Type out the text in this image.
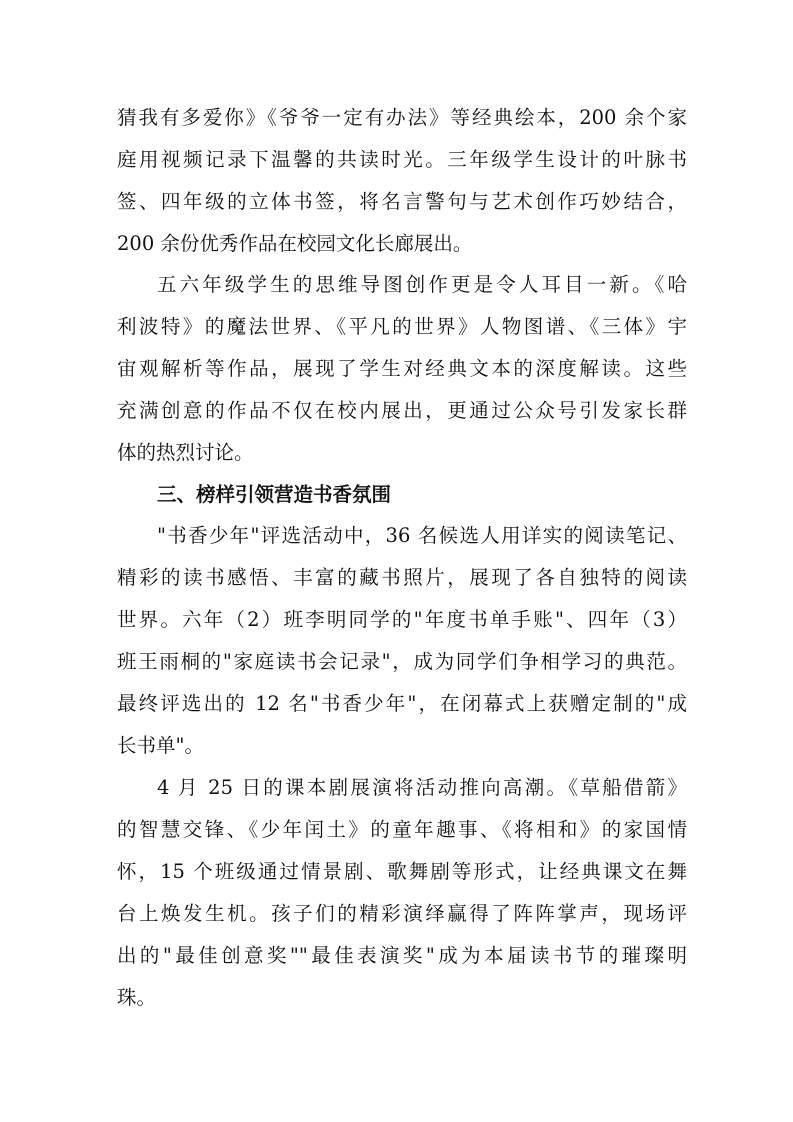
猜我有多爱你》《爷爷一定有办法》等经典绘本，200 余个家
庭用视频记录下温馨的共读时光。三年级学生设计的叶脉书
签、四年级的立体书签，将名言警句与艺术创作巧妙结合，
200 余份优秀作品在校园文化长廊展出。
五六年级学生的思维导图创作更是令人耳目一新。《哈
利波特》的魔法世界、《平凡的世界》人物图谱、《三体》宇
宙观解析等作品，展现了学生对经典文本的深度解读。这些
充满创意的作品不仅在校内展出，更通过公众号引发家长群
体的热烈讨论。
三、榜样引领营造书香氛围
"书香少年"评选活动中，36 名候选人用详实的阅读笔记、
精彩的读书感悟、丰富的藏书照片，展现了各自独特的阅读
世界。六年（2）班李明同学的"年度书单手账"、四年（3）
班王雨桐的"家庭读书会记录"，成为同学们争相学习的典范。
最终评选出的 12 名"书香少年"，在闭幕式上获赠定制的"成
长书单"。
4 月 25 日的课本剧展演将活动推向高潮。《草船借箭》
的智慧交锋、《少年闰土》的童年趣事、《将相和》的家国情
怀，15 个班级通过情景剧、歌舞剧等形式，让经典课文在舞
台上焕发生机。孩子们的精彩演绎赢得了阵阵掌声，现场评
出的"最佳创意奖""最佳表演奖"成为本届读书节的璀璨明
珠。
